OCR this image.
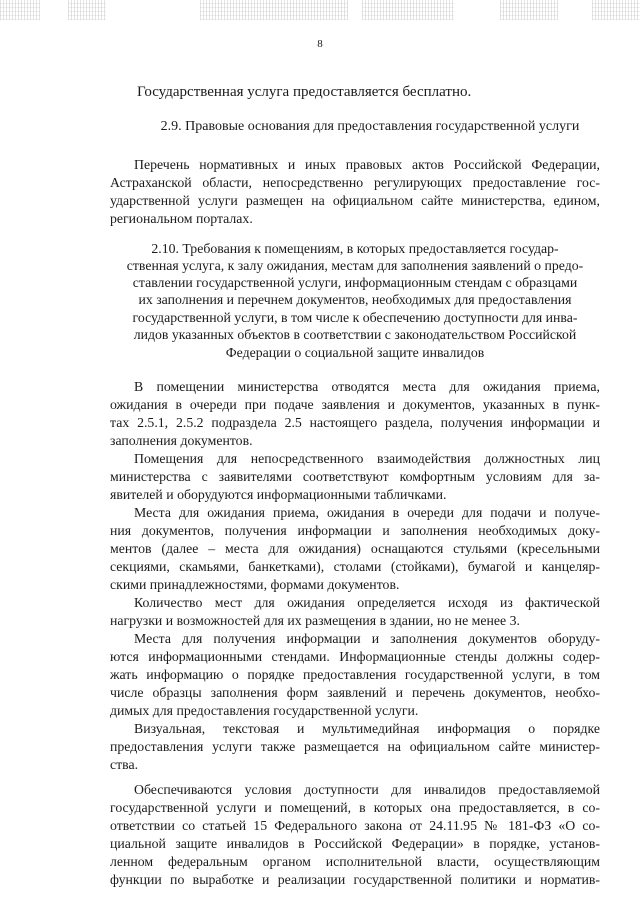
8
Государственная услуга предоставляется бесплатно.
2.9. Правовые основания для предоставления государственной услуги
Перечень нормативных и иных правовых актов Российской Федерации,
Астраханской области, непосредственно регулирующих предоставление гос-
ударственной услуги размещен на официальном сайте министерства, едином,
региональном порталах.
2.10. Требования к помещениям, в которых предоставляется государ-
ственная услуга, к залу ожидания, местам для заполнения заявлений о предо-
ставлении государственной услуги, информационным стендам с образцами
их заполнения и перечнем документов, необходимых для предоставления
государственной услуги, в том числе к обеспечению доступности для инва-
лидов указанных объектов в соответствии с законодательством Российской
Федерации о социальной защите инвалидов
В помещении министерства отводятся места для ожидания приема,
ожидания в очереди при подаче заявления и документов, указанных в пунк-
тах 2.5.1, 2.5.2 подраздела 2.5 настоящего раздела, получения информации и
заполнения документов.
Помещения для непосредственного взаимодействия должностных лиц
министерства с заявителями соответствуют комфортным условиям для за-
явителей и оборудуются информационными табличками.
Места для ожидания приема, ожидания в очереди для подачи и получе-
ния документов, получения информации и заполнения необходимых доку-
ментов (далее – места для ожидания) оснащаются стульями (кресельными
секциями, скамьями, банкетками), столами (стойками), бумагой и канцеляр-
скими принадлежностями, формами документов.
Количество мест для ожидания определяется исходя из фактической
нагрузки и возможностей для их размещения в здании, но не менее 3.
Места для получения информации и заполнения документов оборуду-
ются информационными стендами. Информационные стенды должны содер-
жать информацию о порядке предоставления государственной услуги, в том
числе образцы заполнения форм заявлений и перечень документов, необхо-
димых для предоставления государственной услуги.
Визуальная, текстовая и мультимедийная информация о порядке
предоставления услуги также размещается на официальном сайте министер-
ства.
Обеспечиваются условия доступности для инвалидов предоставляемой
государственной услуги и помещений, в которых она предоставляется, в со-
ответствии со статьей 15 Федерального закона от 24.11.95 № 181-ФЗ «О со-
циальной защите инвалидов в Российской Федерации» в порядке, установ-
ленном федеральным органом исполнительной власти, осуществляющим
функции по выработке и реализации государственной политики и норматив-
